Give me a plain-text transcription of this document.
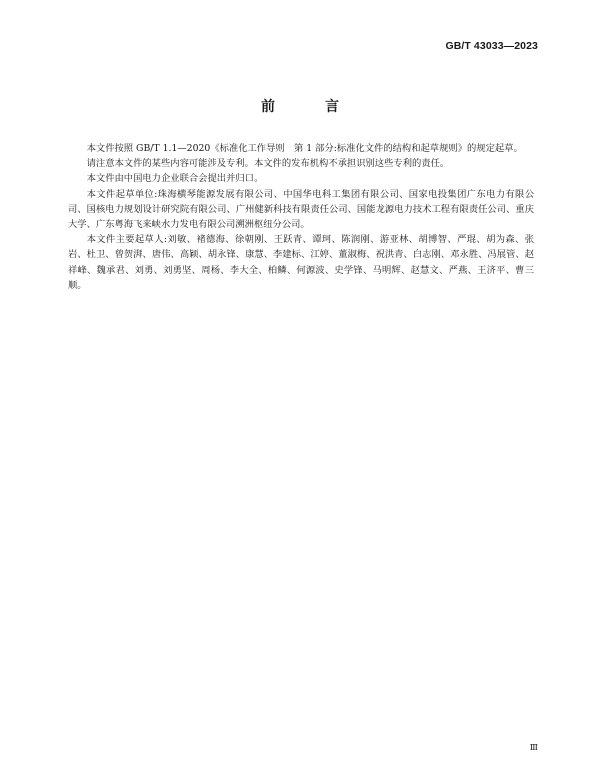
GB/T 43033—2023
前　言

本文件按照 GB/T 1.1—2020《标准化工作导则　第 1 部分:标准化文件的结构和起草规则》的规定起草。

请注意本文件的某些内容可能涉及专利。本文件的发布机构不承担识别这些专利的责任。

本文件由中国电力企业联合会提出并归口。

本文件起草单位:珠海横琴能源发展有限公司、中国华电科工集团有限公司、国家电投集团广东电力有限公司、国核电力规划设计研究院有限公司、广州健新科技有限责任公司、国能龙源电力技术工程有限责任公司、重庆大学、广东粤海飞来峡水力发电有限公司溯洲枢纽分公司。

本文件主要起草人:刘敏、褚德海、徐朝刚、王跃青、谭珂、陈润刚、游亚林、胡博智、严琨、胡为森、张岩、杜卫、曾贺湃、唐伟、高颖、胡永锋、康慧、李建标、江婷、董淑梅、祝洪青、白志刚、邓永胜、冯展管、赵祥峰、魏承君、刘勇、刘勇坚、周杨、李大全、柏鳞、何源波、史学锋、马明辉、赵慧文、严燕、王济平、曹三顺。

Ⅲ
